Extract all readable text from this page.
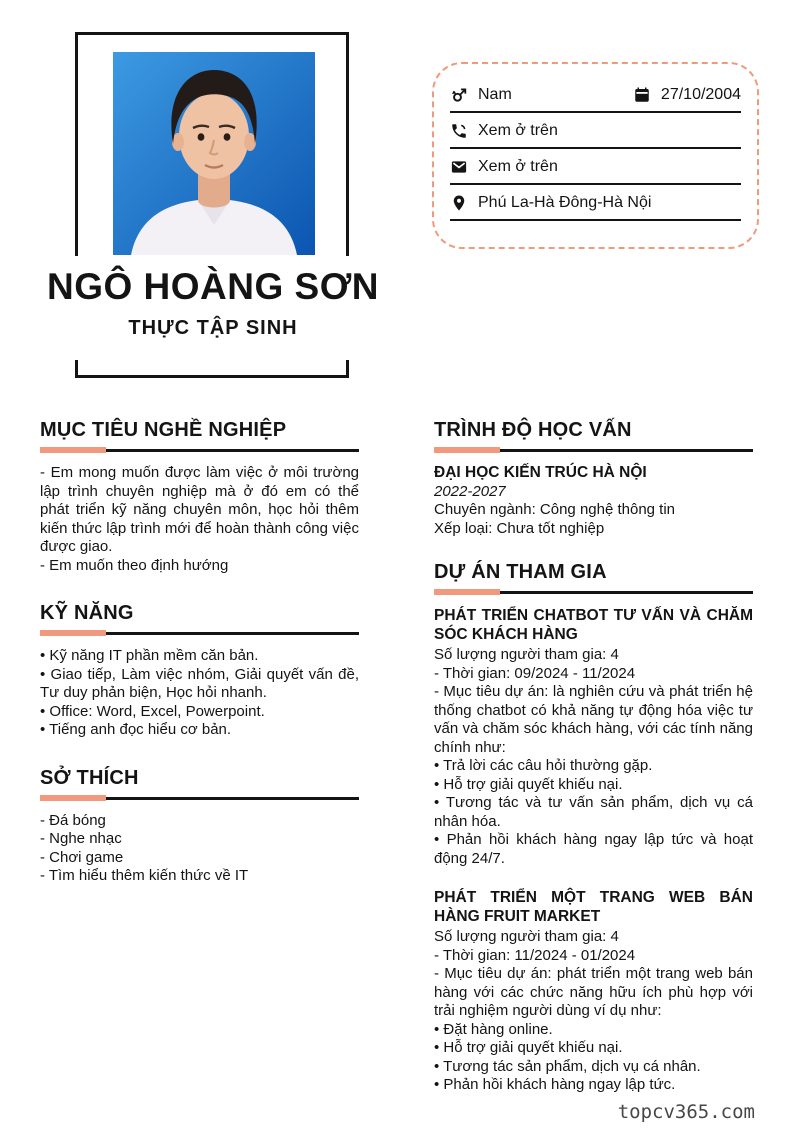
NGÔ HOÀNG SƠN
THỰC TẬP SINH
Nam	27/10/2004
Xem ở trên
Xem ở trên
Phú La-Hà Đông-Hà Nội
MỤC TIÊU NGHỀ NGHIỆP

- Em mong muốn được làm việc ở môi trường lập trình chuyên nghiệp mà ở đó em có thể phát triển kỹ năng chuyên môn, học hỏi thêm kiến thức lập trình mới để hoàn thành công việc được giao.

- Em muốn theo định hướng

KỸ NĂNG

• Kỹ năng IT phần mềm căn bản.

• Giao tiếp, Làm việc nhóm, Giải quyết vấn đề, Tư duy phản biện, Học hỏi nhanh.

• Office: Word, Excel, Powerpoint.

• Tiếng anh đọc hiểu cơ bản.

SỞ THÍCH

- Đá bóng

- Nghe nhạc

- Chơi game

- Tìm hiểu thêm kiến thức về IT

TRÌNH ĐỘ HỌC VẤN

ĐẠI HỌC KIẾN TRÚC HÀ NỘI

2022-2027

Chuyên ngành: Công nghệ thông tin

Xếp loại: Chưa tốt nghiệp

DỰ ÁN THAM GIA

PHÁT TRIỂN CHATBOT TƯ VẤN VÀ CHĂM SÓC KHÁCH HÀNG

Số lượng người tham gia: 4

- Thời gian: 09/2024 - 11/2024

- Mục tiêu dự án: là nghiên cứu và phát triển hệ thống chatbot có khả năng tự động hóa việc tư vấn và chăm sóc khách hàng, với các tính năng chính như:

• Trả lời các câu hỏi thường gặp.

• Hỗ trợ giải quyết khiếu nại.

• Tương tác và tư vấn sản phẩm, dịch vụ cá nhân hóa.

• Phản hồi khách hàng ngay lập tức và hoạt động 24/7.

PHÁT TRIỂN MỘT TRANG WEB BÁN HÀNG FRUIT MARKET

Số lượng người tham gia: 4

- Thời gian: 11/2024 - 01/2024

- Mục tiêu dự án: phát triển một trang web bán hàng với các chức năng hữu ích phù hợp với trải nghiệm người dùng ví dụ như:

• Đặt hàng online.

• Hỗ trợ giải quyết khiếu nại.

• Tương tác sản phẩm, dịch vụ cá nhân.

• Phản hồi khách hàng ngay lập tức.

topcv365.com
